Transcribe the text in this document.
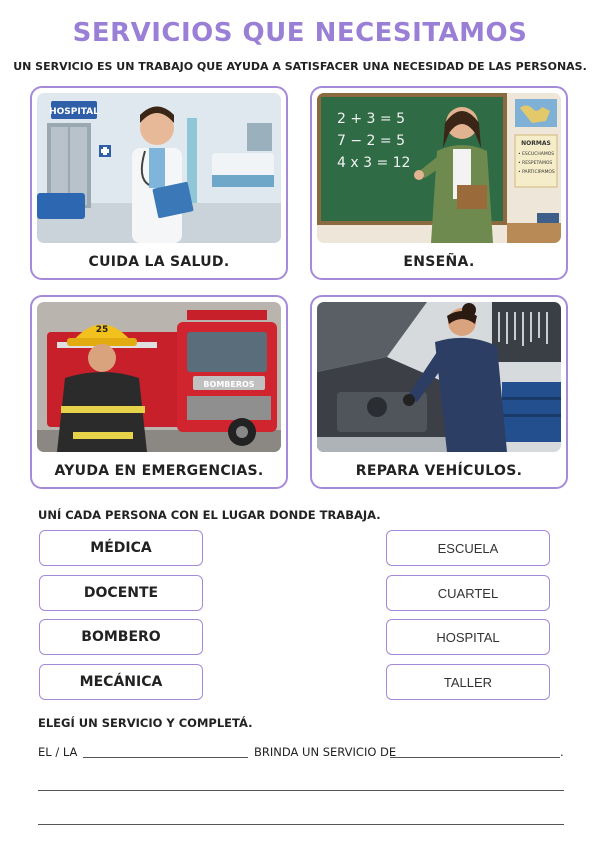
SERVICIOS QUE NECESITAMOS
UN SERVICIO ES UN TRABAJO QUE AYUDA A SATISFACER UNA NECESIDAD DE LAS PERSONAS.
HOSPITAL
CUIDA LA SALUD.
2 + 3 = 5
7 − 2 = 5
4 x 3 = 12
NORMAS
• ESCUCHAMOS
• RESPETAMOS
• PARTICIPAMOS
ENSEÑA.
BOMBEROS
25
AYUDA EN EMERGENCIAS.	REPARA VEHÍCULOS.
UNÍ CADA PERSONA CON EL LUGAR DONDE TRABAJA.
MÉDICA
DOCENTE
BOMBERO
MECÁNICA
ESCUELA
CUARTEL
HOSPITAL
TALLER
ELEGÍ UN SERVICIO Y COMPLETÁ.
EL / LA	BRINDA UN SERVICIO DE	.
